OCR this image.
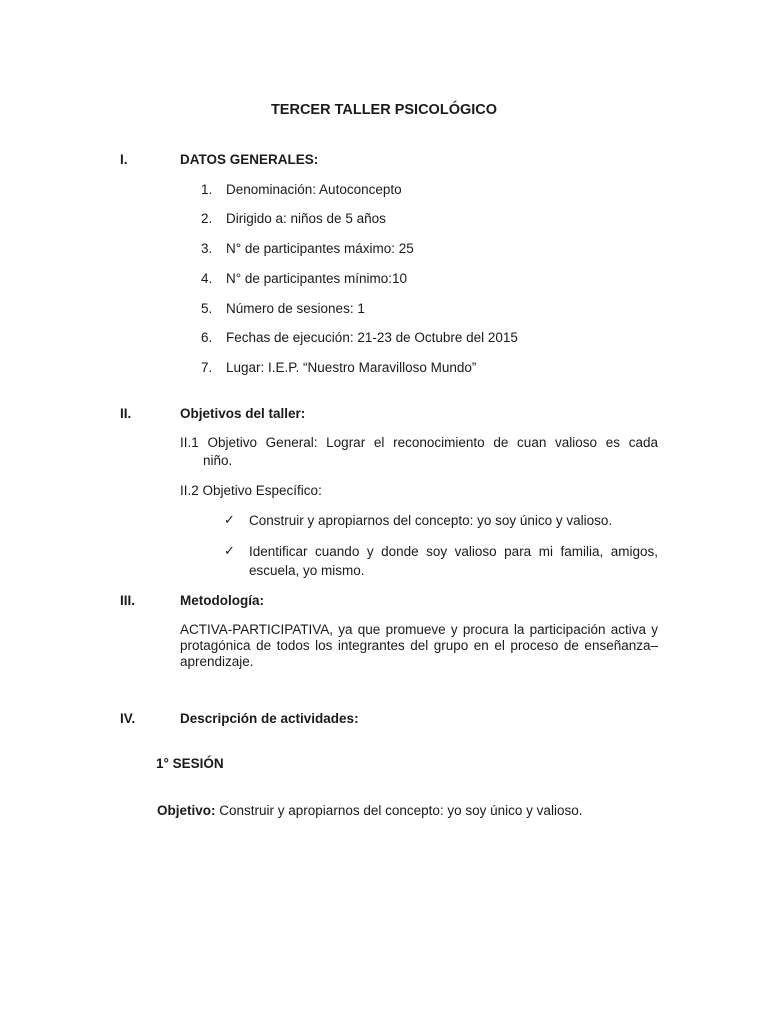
TERCER TALLER PSICOLÓGICO
I.	DATOS GENERALES:
1. Denominación: Autoconcepto
2. Dirigido a: niños de 5 años
3. N° de participantes máximo: 25
4. N° de participantes mínimo:10
5. Número de sesiones: 1
6. Fechas de ejecución: 21-23 de Octubre del 2015
7. Lugar: I.E.P. “Nuestro Maravilloso Mundo”
II.	Objetivos del taller:
II.1 Objetivo General: Lograr el reconocimiento de cuan valioso es cada
niño.
II.2 Objetivo Específico:
✓ Construir y apropiarnos del concepto: yo soy único y valioso.
✓ Identificar cuando y donde soy valioso para mi familia, amigos, escuela, yo mismo.
III.	Metodología:
ACTIVA-PARTICIPATIVA, ya que promueve y procura la participación activa y protagónica de todos los integrantes del grupo en el proceso de enseñanza–aprendizaje.
IV.	Descripción de actividades:
1° SESIÓN
Objetivo: Construir y apropiarnos del concepto: yo soy único y valioso.
